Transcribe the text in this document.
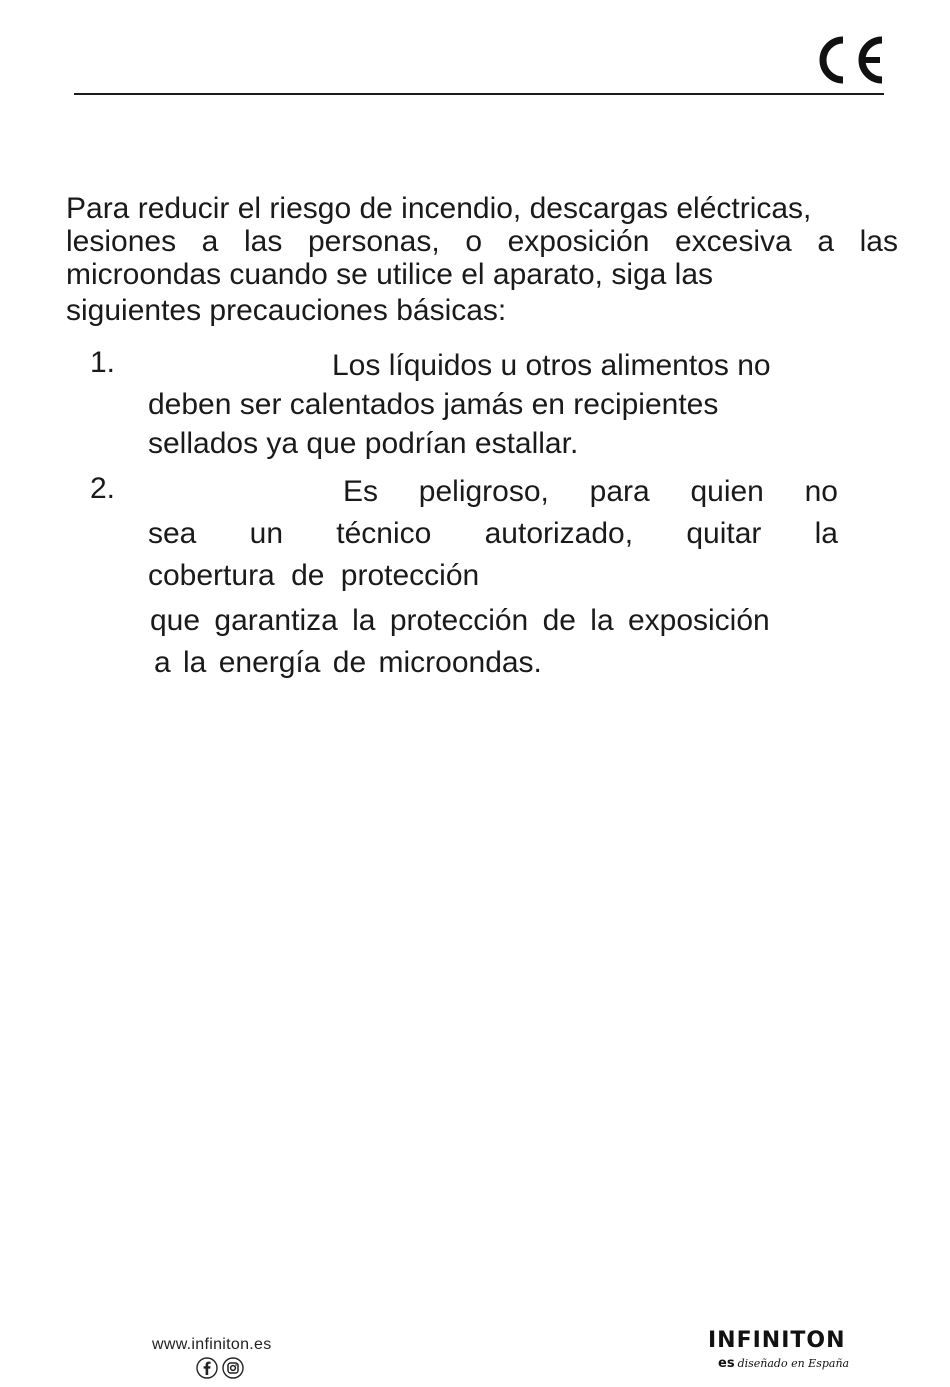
Para reducir el riesgo de incendio, descargas eléctricas,
lesiones a las personas, o exposición excesiva a las
microondas cuando se utilice el aparato, siga las
siguientes precauciones básicas:
1.	Los líquidos u otros alimentos no
deben ser calentados jamás en recipientes
sellados ya que podrían estallar.
2.	Es peligroso, para quien no
sea un técnico autorizado, quitar la
cobertura de protección
que garantiza la protección de la exposición
a la energía de microondas.
www.infiniton.es	INFINITON
es diseñado en España
